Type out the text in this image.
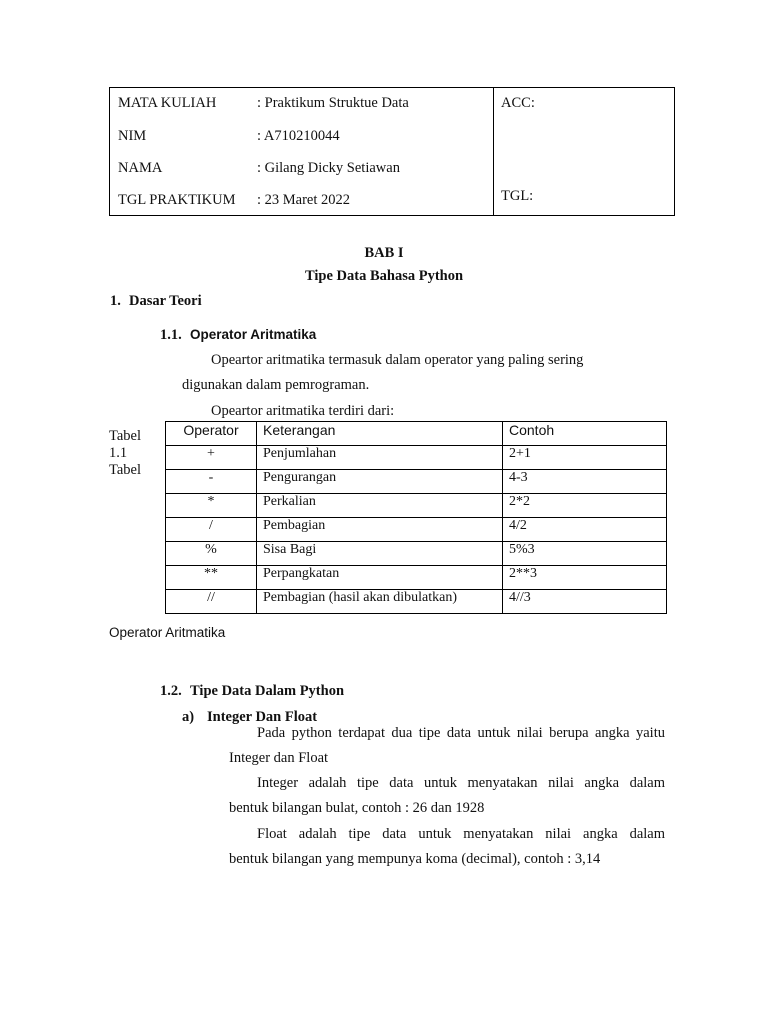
MATA KULIAH	: Praktikum Struktue Data
NIM	: A710210044
NAMA	: Gilang Dicky Setiawan
TGL PRAKTIKUM : 23 Maret 2022
ACC:
TGL:
BAB I
Tipe Data Bahasa Python
1. Dasar Teori
1.1. Operator Aritmatika
Opeartor aritmatika termasuk dalam operator yang paling sering
digunakan dalam pemrograman.
Opeartor aritmatika terdiri dari:
Tabel
1.1
Tabel
Operator Aritmatika
Operator	Keterangan	Contoh
+	Penjumlahan	2+1
-	Pengurangan	4-3
*	Perkalian	2*2
/	Pembagian	4/2
%	Sisa Bagi	5%3
**	Perpangkatan	2**3
//	Pembagian (hasil akan dibulatkan)	4//3
1.2. Tipe Data Dalam Python
a) Integer Dan Float
Pada python terdapat dua tipe data untuk nilai berupa angka yaitu
Integer dan Float
Integer adalah tipe data untuk menyatakan nilai angka dalam
bentuk bilangan bulat, contoh : 26 dan 1928
Float adalah tipe data untuk menyatakan nilai angka dalam
bentuk bilangan yang mempunya koma (decimal), contoh : 3,14
